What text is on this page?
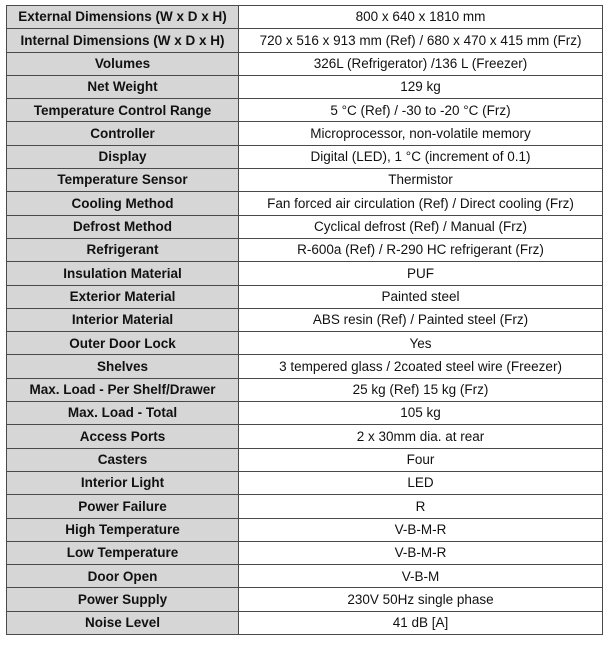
External Dimensions (W x D x H)	800 x 640 x 1810 mm
Internal Dimensions (W x D x H)	720 x 516 x 913 mm (Ref) / 680 x 470 x 415 mm (Frz)
Volumes	326L (Refrigerator) /136 L (Freezer)
Net Weight	129 kg
Temperature Control Range	5 °C (Ref) / -30 to -20 °C (Frz)
Controller	Microprocessor, non-volatile memory
Display	Digital (LED), 1 °C (increment of 0.1)
Temperature Sensor	Thermistor
Cooling Method	Fan forced air circulation (Ref) / Direct cooling (Frz)
Defrost Method	Cyclical defrost (Ref) / Manual (Frz)
Refrigerant	R-600a (Ref) / R-290 HC refrigerant (Frz)
Insulation Material	PUF
Exterior Material	Painted steel
Interior Material	ABS resin (Ref) / Painted steel (Frz)
Outer Door Lock	Yes
Shelves	3 tempered glass / 2coated steel wire (Freezer)
Max. Load - Per Shelf/Drawer	25 kg (Ref) 15 kg (Frz)
Max. Load - Total	105 kg
Access Ports	2 x 30mm dia. at rear
Casters	Four
Interior Light	LED
Power Failure	R
High Temperature	V-B-M-R
Low Temperature	V-B-M-R
Door Open	V-B-M
Power Supply	230V 50Hz single phase
Noise Level	41 dB [A]
